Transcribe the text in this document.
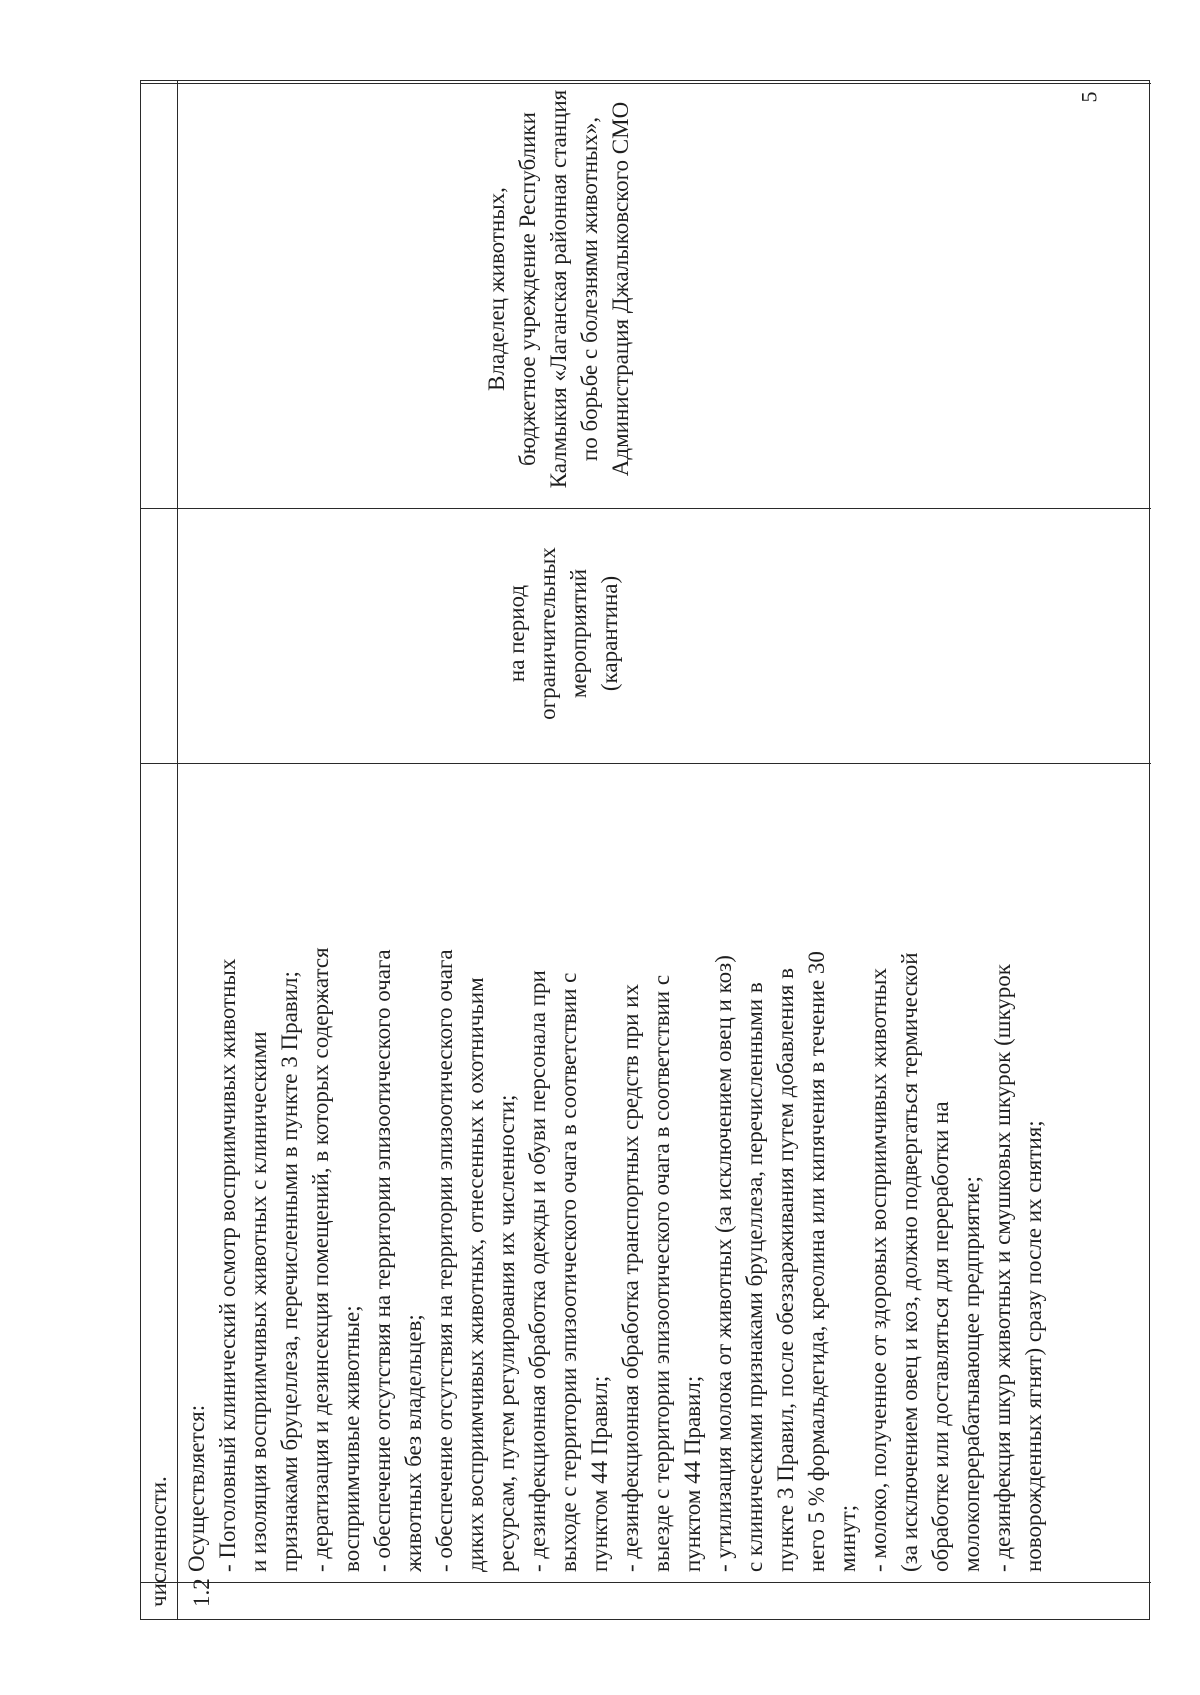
численности. 1.2
Осуществляется: - Поголовный клинический осмотр восприимчивых животных и изоляция восприимчивых животных с клиническими признаками бруцеллеза, перечисленными в пункте 3 Правил; - дератизация и дезинсекция помещений, в которых содержатся восприимчивые животные; - обеспечение отсутствия на территории эпизоотического очага животных без владельцев; - обеспечение отсутствия на территории эпизоотического очага диких восприимчивых животных, отнесенных к охотничьим ресурсам, путем регулирования их численности; - дезинфекционная обработка одежды и обуви персонала при выходе с территории эпизоотического очага в соответствии с пунктом 44 Правил; - дезинфекционная обработка транспортных средств при их выезде с территории эпизоотического очага в соответствии с пунктом 44 Правил; - утилизация молока от животных (за исключением овец и коз) с клиническими признаками бруцеллеза, перечисленными в пункте 3 Правил, после обеззараживания путем добавления в него 5 % формальдегида, креолина или кипячения в течение 30 минут; - молоко, полученное от здоровых восприимчивых животных (за исключением овец и коз, должно подвергаться термической обработке или доставляться для переработки на молокоперерабатывающее предприятие; - дезинфекция шкур животных и смушковых шкурок (шкурок новорожденных ягнят) сразу после их снятия;
на период ограничительных мероприятий (карантина)
Владелец животных, бюджетное учреждение Республики Калмыкия «Лаганская районная станция по борьбе с болезнями животных», Администрация Джалыковского СМО
5
